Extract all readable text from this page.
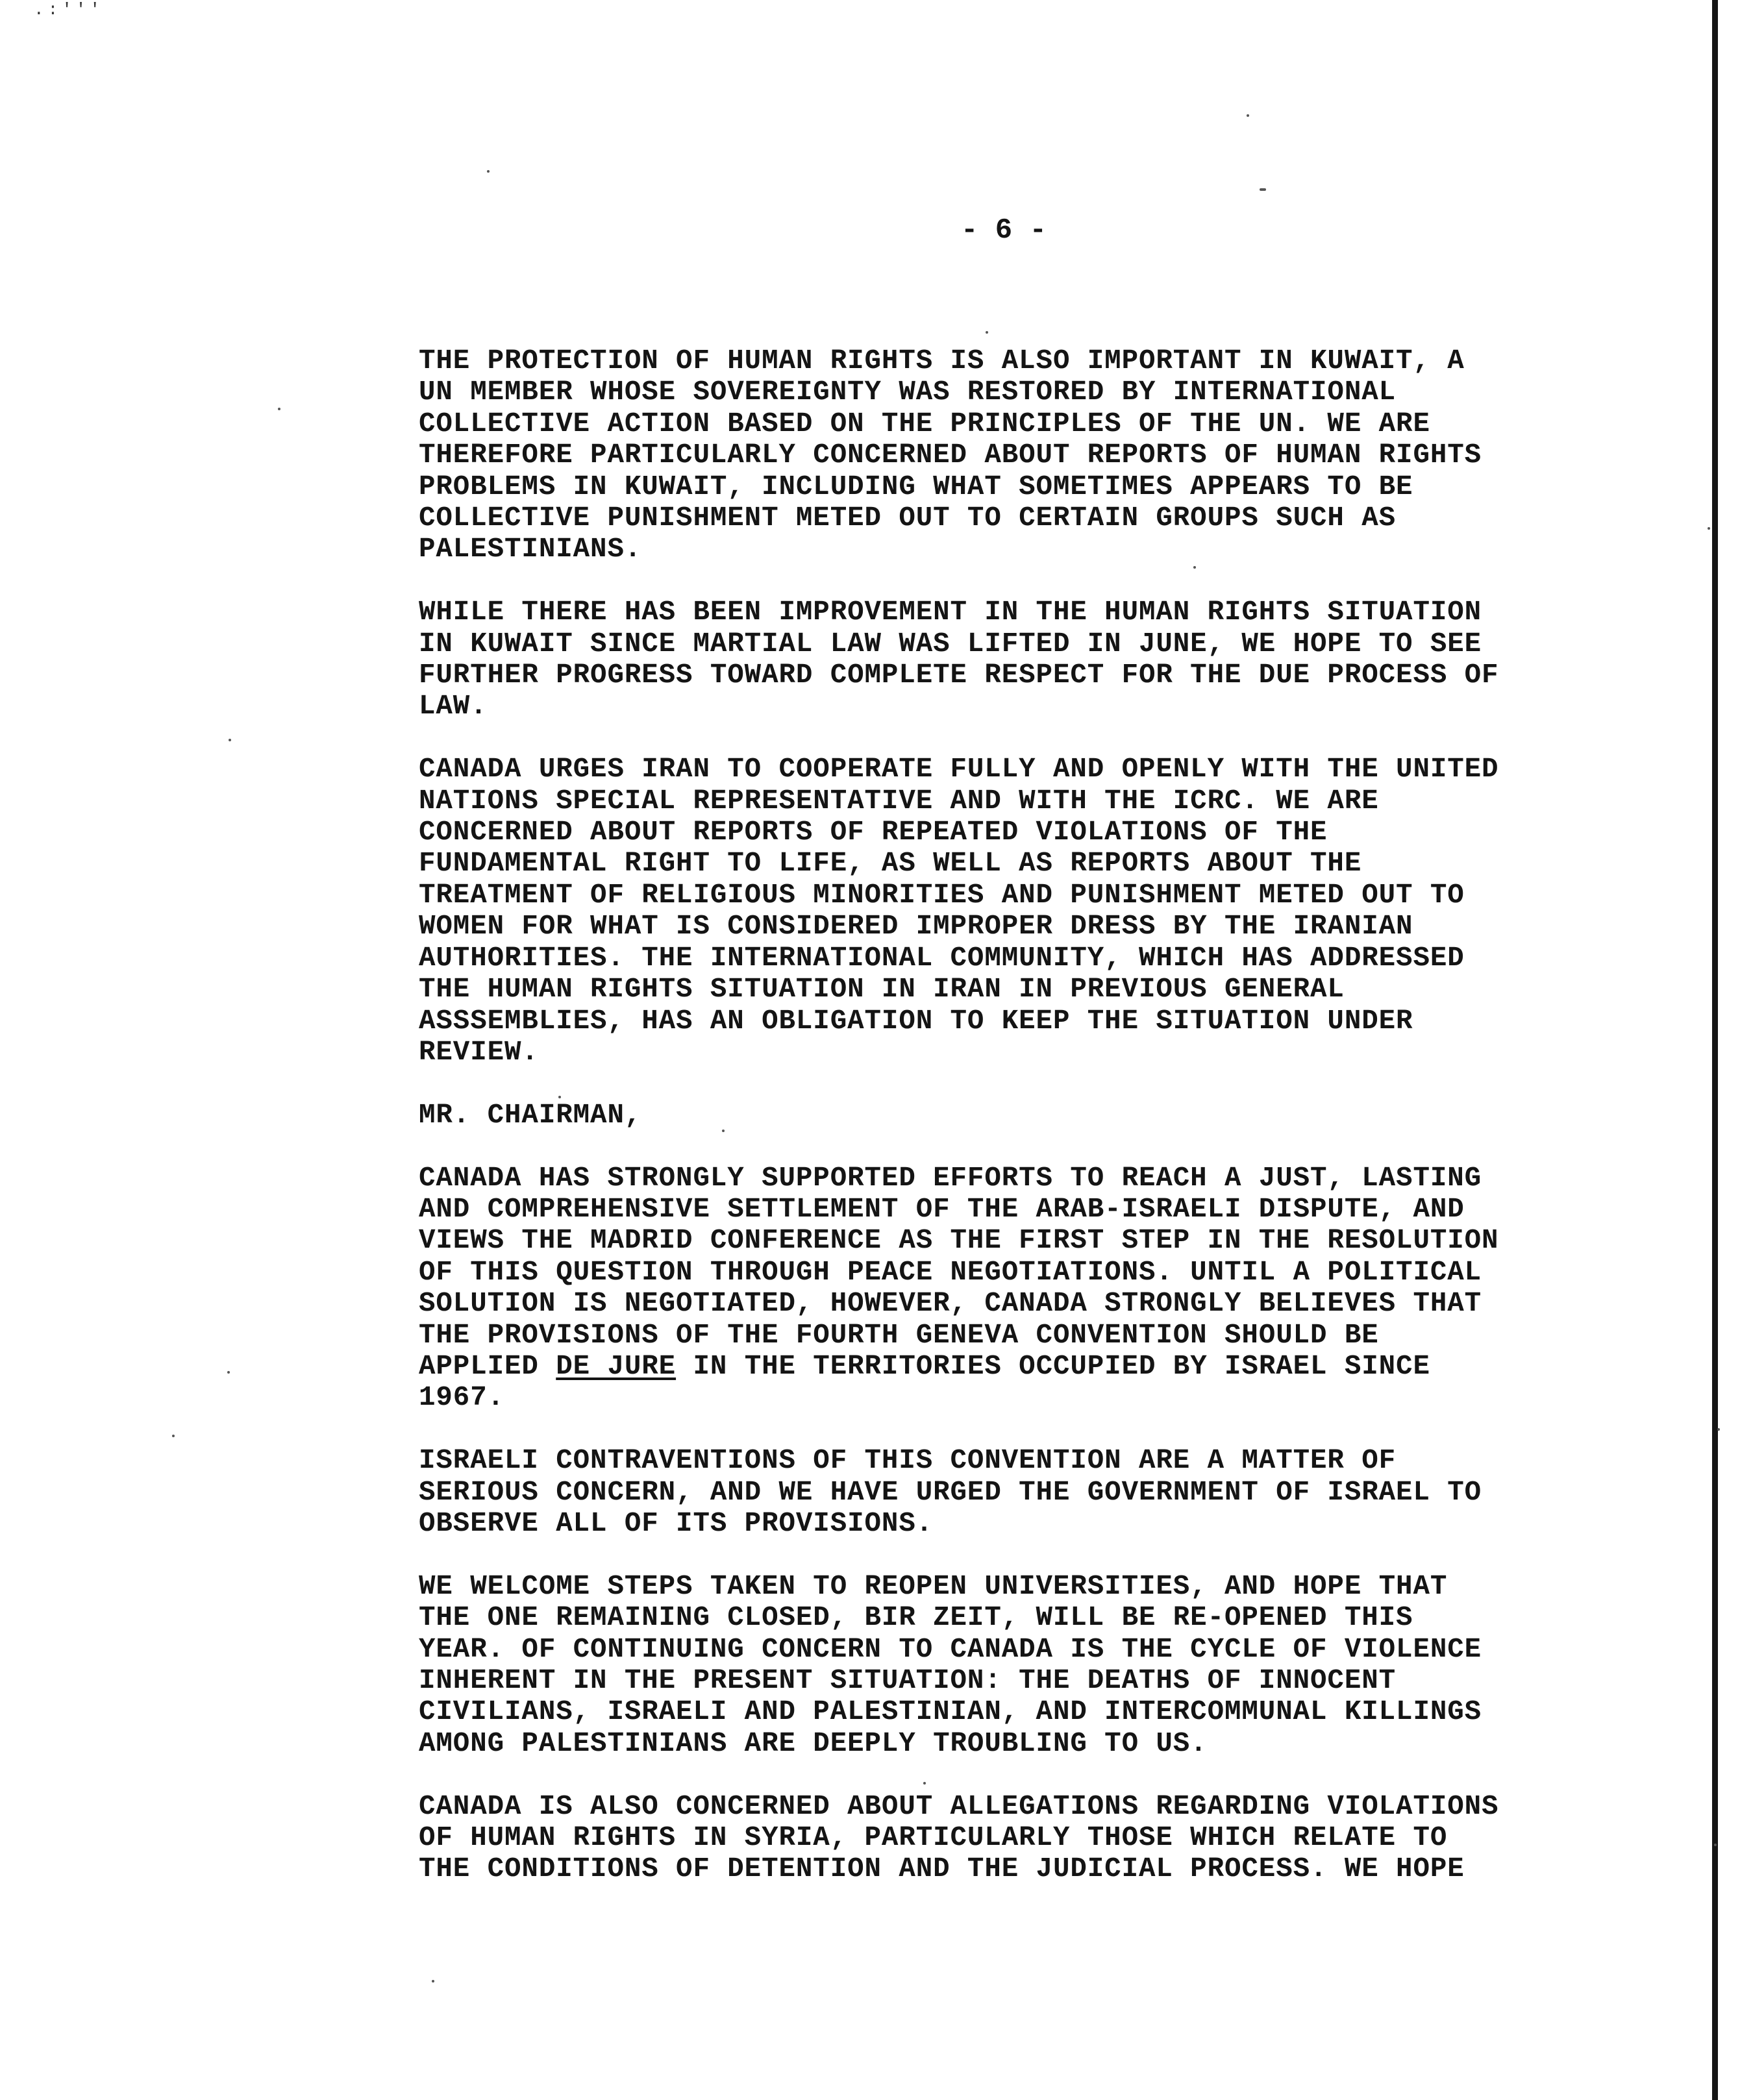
.:'''
- 6 -
THE PROTECTION OF HUMAN RIGHTS IS ALSO IMPORTANT IN KUWAIT, A
UN MEMBER WHOSE SOVEREIGNTY WAS RESTORED BY INTERNATIONAL
COLLECTIVE ACTION BASED ON THE PRINCIPLES OF THE UN. WE ARE
THEREFORE PARTICULARLY CONCERNED ABOUT REPORTS OF HUMAN RIGHTS
PROBLEMS IN KUWAIT, INCLUDING WHAT SOMETIMES APPEARS TO BE
COLLECTIVE PUNISHMENT METED OUT TO CERTAIN GROUPS SUCH AS
PALESTINIANS.
WHILE THERE HAS BEEN IMPROVEMENT IN THE HUMAN RIGHTS SITUATION
IN KUWAIT SINCE MARTIAL LAW WAS LIFTED IN JUNE, WE HOPE TO SEE
FURTHER PROGRESS TOWARD COMPLETE RESPECT FOR THE DUE PROCESS OF
LAW.
CANADA URGES IRAN TO COOPERATE FULLY AND OPENLY WITH THE UNITED
NATIONS SPECIAL REPRESENTATIVE AND WITH THE ICRC. WE ARE
CONCERNED ABOUT REPORTS OF REPEATED VIOLATIONS OF THE
FUNDAMENTAL RIGHT TO LIFE, AS WELL AS REPORTS ABOUT THE
TREATMENT OF RELIGIOUS MINORITIES AND PUNISHMENT METED OUT TO
WOMEN FOR WHAT IS CONSIDERED IMPROPER DRESS BY THE IRANIAN
AUTHORITIES. THE INTERNATIONAL COMMUNITY, WHICH HAS ADDRESSED
THE HUMAN RIGHTS SITUATION IN IRAN IN PREVIOUS GENERAL
ASSSEMBLIES, HAS AN OBLIGATION TO KEEP THE SITUATION UNDER
REVIEW.
MR. CHAIRMAN,
CANADA HAS STRONGLY SUPPORTED EFFORTS TO REACH A JUST, LASTING
AND COMPREHENSIVE SETTLEMENT OF THE ARAB-ISRAELI DISPUTE, AND
VIEWS THE MADRID CONFERENCE AS THE FIRST STEP IN THE RESOLUTION
OF THIS QUESTION THROUGH PEACE NEGOTIATIONS. UNTIL A POLITICAL
SOLUTION IS NEGOTIATED, HOWEVER, CANADA STRONGLY BELIEVES THAT
THE PROVISIONS OF THE FOURTH GENEVA CONVENTION SHOULD BE
APPLIED DE JURE IN THE TERRITORIES OCCUPIED BY ISRAEL SINCE
1967.
ISRAELI CONTRAVENTIONS OF THIS CONVENTION ARE A MATTER OF
SERIOUS CONCERN, AND WE HAVE URGED THE GOVERNMENT OF ISRAEL TO
OBSERVE ALL OF ITS PROVISIONS.
WE WELCOME STEPS TAKEN TO REOPEN UNIVERSITIES, AND HOPE THAT
THE ONE REMAINING CLOSED, BIR ZEIT, WILL BE RE-OPENED THIS
YEAR. OF CONTINUING CONCERN TO CANADA IS THE CYCLE OF VIOLENCE
INHERENT IN THE PRESENT SITUATION: THE DEATHS OF INNOCENT
CIVILIANS, ISRAELI AND PALESTINIAN, AND INTERCOMMUNAL KILLINGS
AMONG PALESTINIANS ARE DEEPLY TROUBLING TO US.
CANADA IS ALSO CONCERNED ABOUT ALLEGATIONS REGARDING VIOLATIONS
OF HUMAN RIGHTS IN SYRIA, PARTICULARLY THOSE WHICH RELATE TO
THE CONDITIONS OF DETENTION AND THE JUDICIAL PROCESS. WE HOPE
